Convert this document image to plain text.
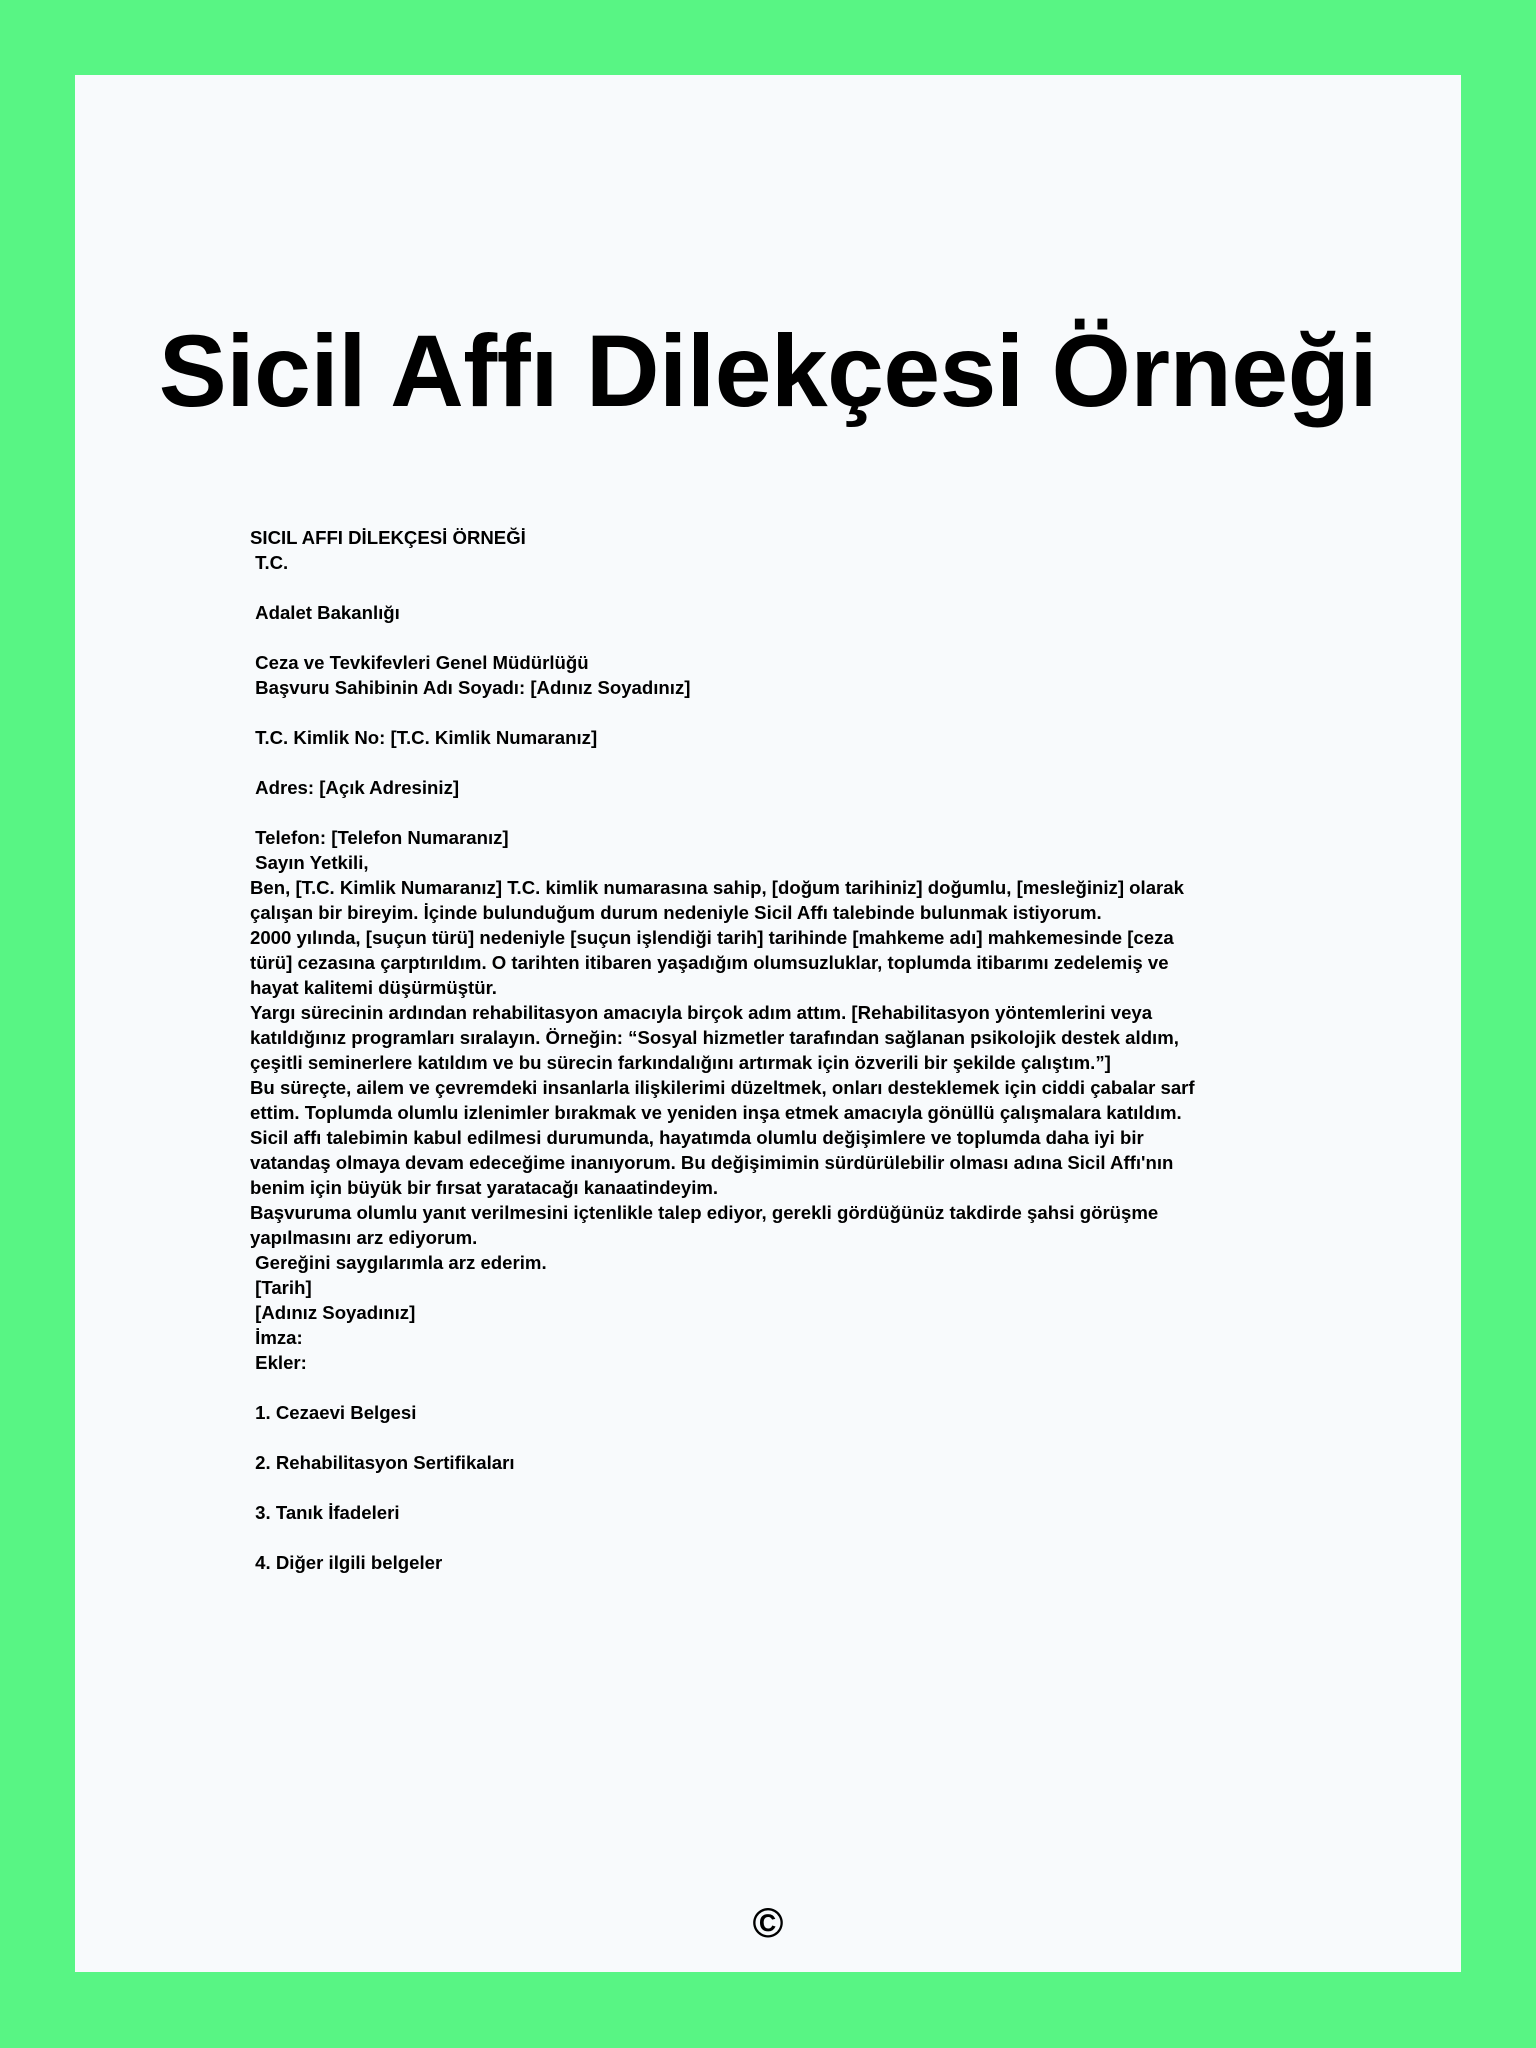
Sicil Affı Dilekçesi Örneği
SICIL AFFI DİLEKÇESİ ÖRNEĞİ
T.C.
Adalet Bakanlığı
Ceza ve Tevkifevleri Genel Müdürlüğü
Başvuru Sahibinin Adı Soyadı: [Adınız Soyadınız]
T.C. Kimlik No: [T.C. Kimlik Numaranız]
Adres: [Açık Adresiniz]
Telefon: [Telefon Numaranız]
Sayın Yetkili,
Ben, [T.C. Kimlik Numaranız] T.C. kimlik numarasına sahip, [doğum tarihiniz] doğumlu, [mesleğiniz] olarak
çalışan bir bireyim. İçinde bulunduğum durum nedeniyle Sicil Affı talebinde bulunmak istiyorum.
2000 yılında, [suçun türü] nedeniyle [suçun işlendiği tarih] tarihinde [mahkeme adı] mahkemesinde [ceza
türü] cezasına çarptırıldım. O tarihten itibaren yaşadığım olumsuzluklar, toplumda itibarımı zedelemiş ve
hayat kalitemi düşürmüştür.
Yargı sürecinin ardından rehabilitasyon amacıyla birçok adım attım. [Rehabilitasyon yöntemlerini veya
katıldığınız programları sıralayın. Örneğin: “Sosyal hizmetler tarafından sağlanan psikolojik destek aldım,
çeşitli seminerlere katıldım ve bu sürecin farkındalığını artırmak için özverili bir şekilde çalıştım.”]
Bu süreçte, ailem ve çevremdeki insanlarla ilişkilerimi düzeltmek, onları desteklemek için ciddi çabalar sarf
ettim. Toplumda olumlu izlenimler bırakmak ve yeniden inşa etmek amacıyla gönüllü çalışmalara katıldım.
Sicil affı talebimin kabul edilmesi durumunda, hayatımda olumlu değişimlere ve toplumda daha iyi bir
vatandaş olmaya devam edeceğime inanıyorum. Bu değişimimin sürdürülebilir olması adına Sicil Affı'nın
benim için büyük bir fırsat yaratacağı kanaatindeyim.
Başvuruma olumlu yanıt verilmesini içtenlikle talep ediyor, gerekli gördüğünüz takdirde şahsi görüşme
yapılmasını arz ediyorum.
Gereğini saygılarımla arz ederim.
[Tarih]
[Adınız Soyadınız]
İmza:
Ekler:
1. Cezaevi Belgesi
2. Rehabilitasyon Sertifikaları
3. Tanık İfadeleri
4. Diğer ilgili belgeler
©
